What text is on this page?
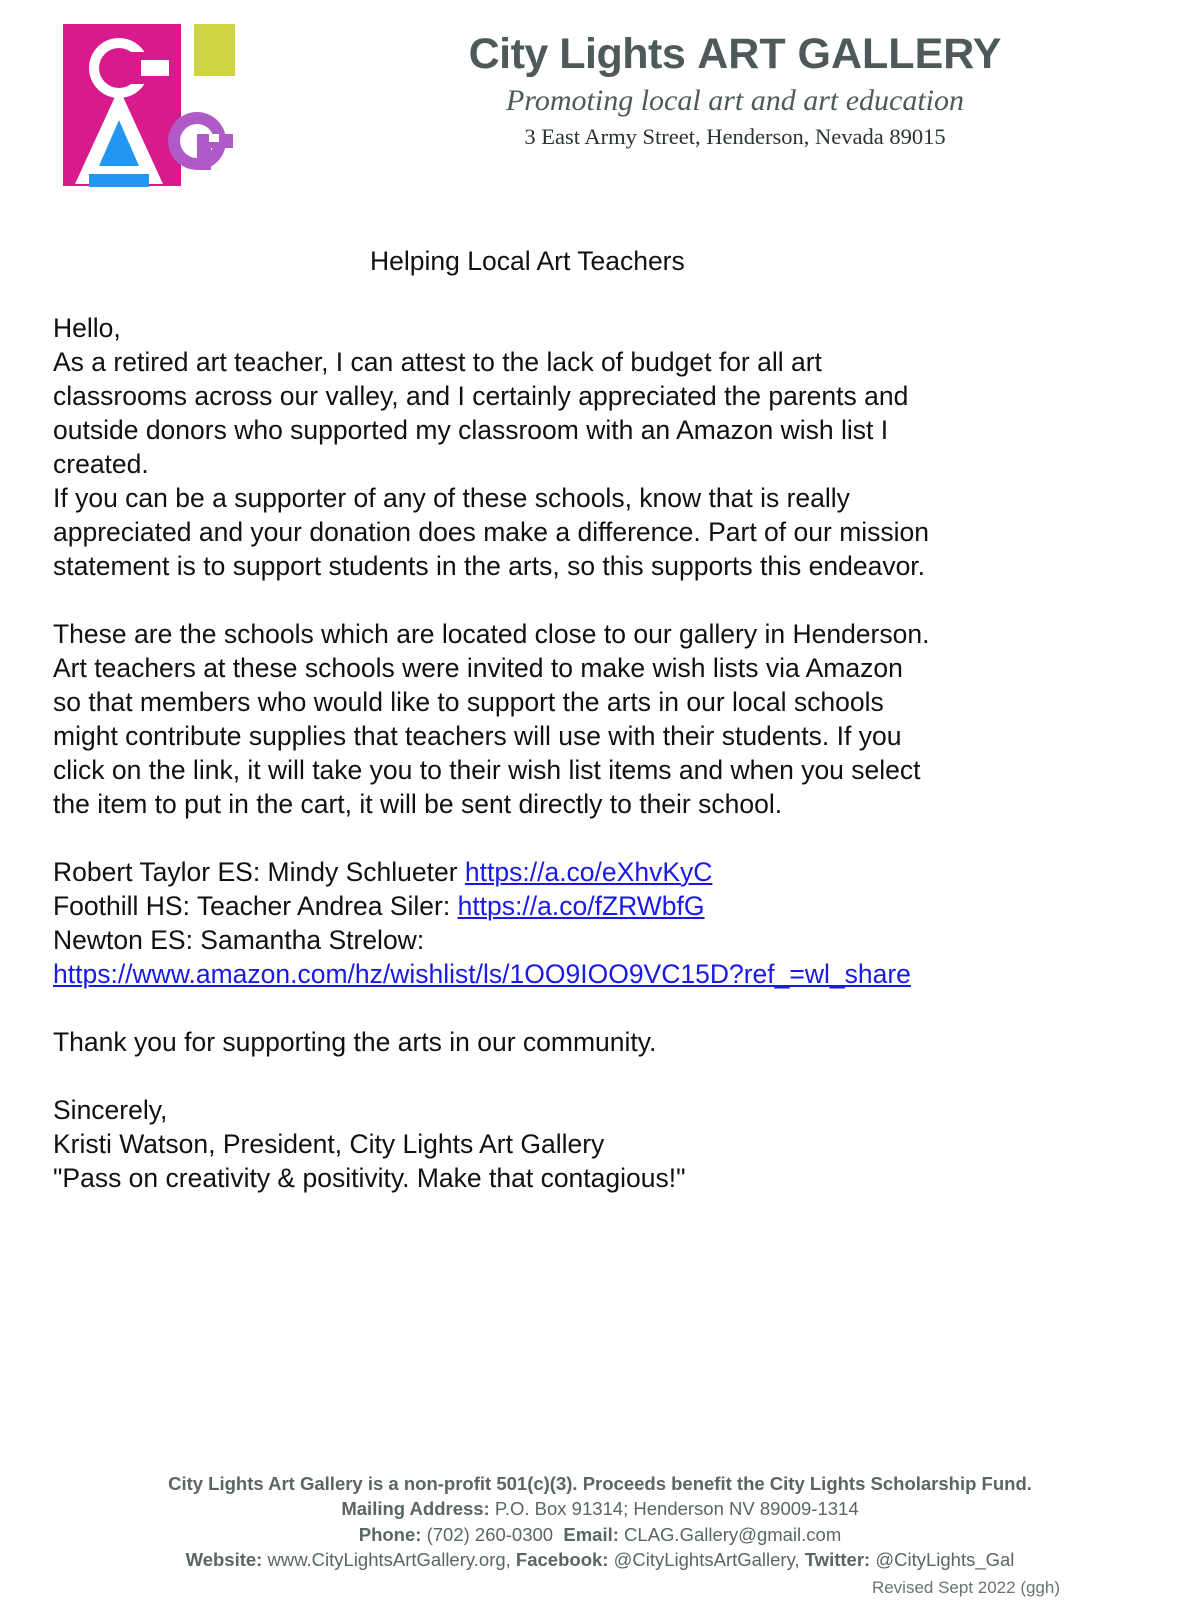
City Lights ART GALLERY
Promoting local art and art education
3 East Army Street, Henderson, Nevada 89015
Helping Local Art Teachers

Hello,
As a retired art teacher, I can attest to the lack of budget for all art
classrooms across our valley, and I certainly appreciated the parents and
outside donors who supported my classroom with an Amazon wish list I
created.

If you can be a supporter of any of these schools, know that is really
appreciated and your donation does make a difference. Part of our mission
statement is to support students in the arts, so this supports this endeavor.

These are the schools which are located close to our gallery in Henderson.
Art teachers at these schools were invited to make wish lists via Amazon
so that members who would like to support the arts in our local schools
might contribute supplies that teachers will use with their students. If you
click on the link, it will take you to their wish list items and when you select
the item to put in the cart, it will be sent directly to their school.

Robert Taylor ES: Mindy Schlueter https://a.co/eXhvKyC
Foothill HS: Teacher Andrea Siler: https://a.co/fZRWbfG
Newton ES: Samantha Strelow:
https://www.amazon.com/hz/wishlist/ls/1OO9IOO9VC15D?ref_=wl_share

Thank you for supporting the arts in our community.

Sincerely,
Kristi Watson, President, City Lights Art Gallery
"Pass on creativity & positivity. Make that contagious!"

City Lights Art Gallery is a non-profit 501(c)(3). Proceeds benefit the City Lights Scholarship Fund.
Mailing Address: P.O. Box 91314; Henderson NV 89009-1314
Phone: (702) 260-0300 Email: CLAG.Gallery@gmail.com
Website: www.CityLightsArtGallery.org, Facebook: @CityLightsArtGallery, Twitter: @CityLights_Gal
Revised Sept 2022 (ggh)
